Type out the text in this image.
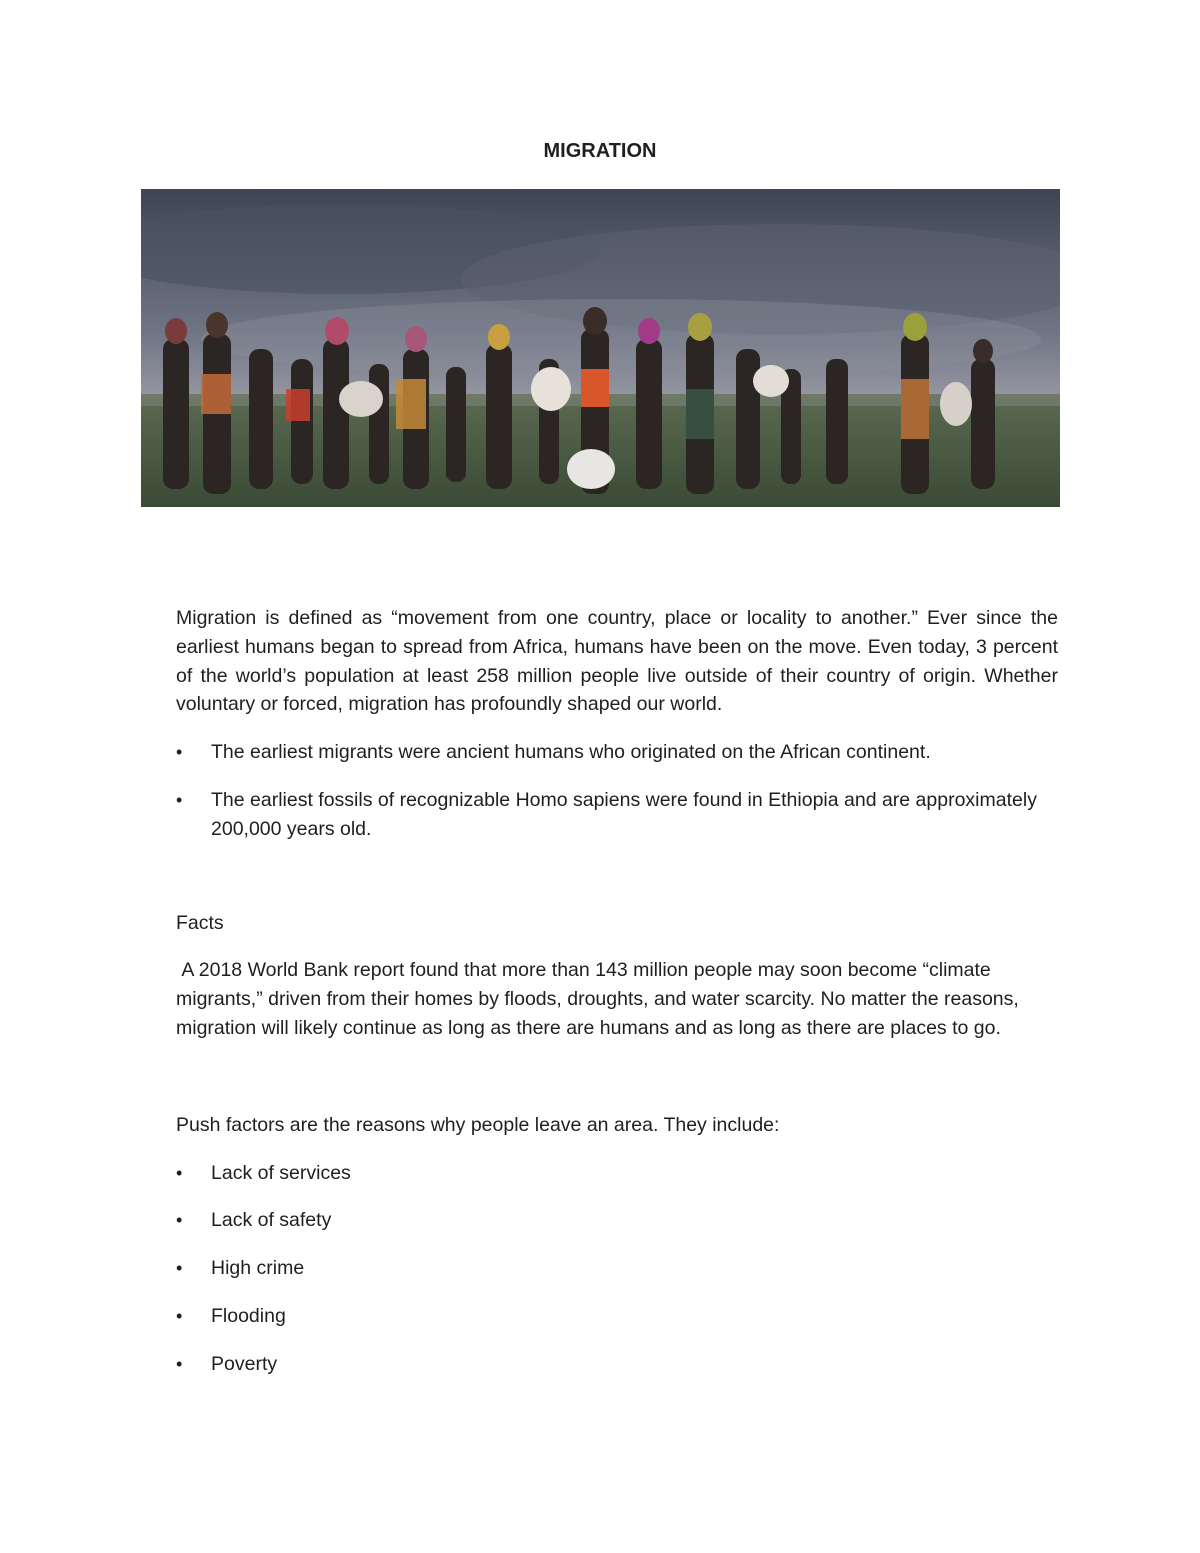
MIGRATION

Migration is defined as “movement from one country, place or locality to another.” Ever since the earliest humans began to spread from Africa, humans have been on the move. Even today, 3 percent of the world’s population at least 258 million people live outside of their country of origin. Whether voluntary or forced, migration has profoundly shaped our world.

• The earliest migrants were ancient humans who originated on the African continent.
• The earliest fossils of recognizable Homo sapiens were found in Ethiopia and are approximately 200,000 years old.

Facts

A 2018 World Bank report found that more than 143 million people may soon become “climate migrants,” driven from their homes by floods, droughts, and water scarcity. No matter the reasons, migration will likely continue as long as there are humans and as long as there are places to go.

Push factors are the reasons why people leave an area. They include:

• Lack of services
• Lack of safety
• High crime
• Flooding
• Poverty
